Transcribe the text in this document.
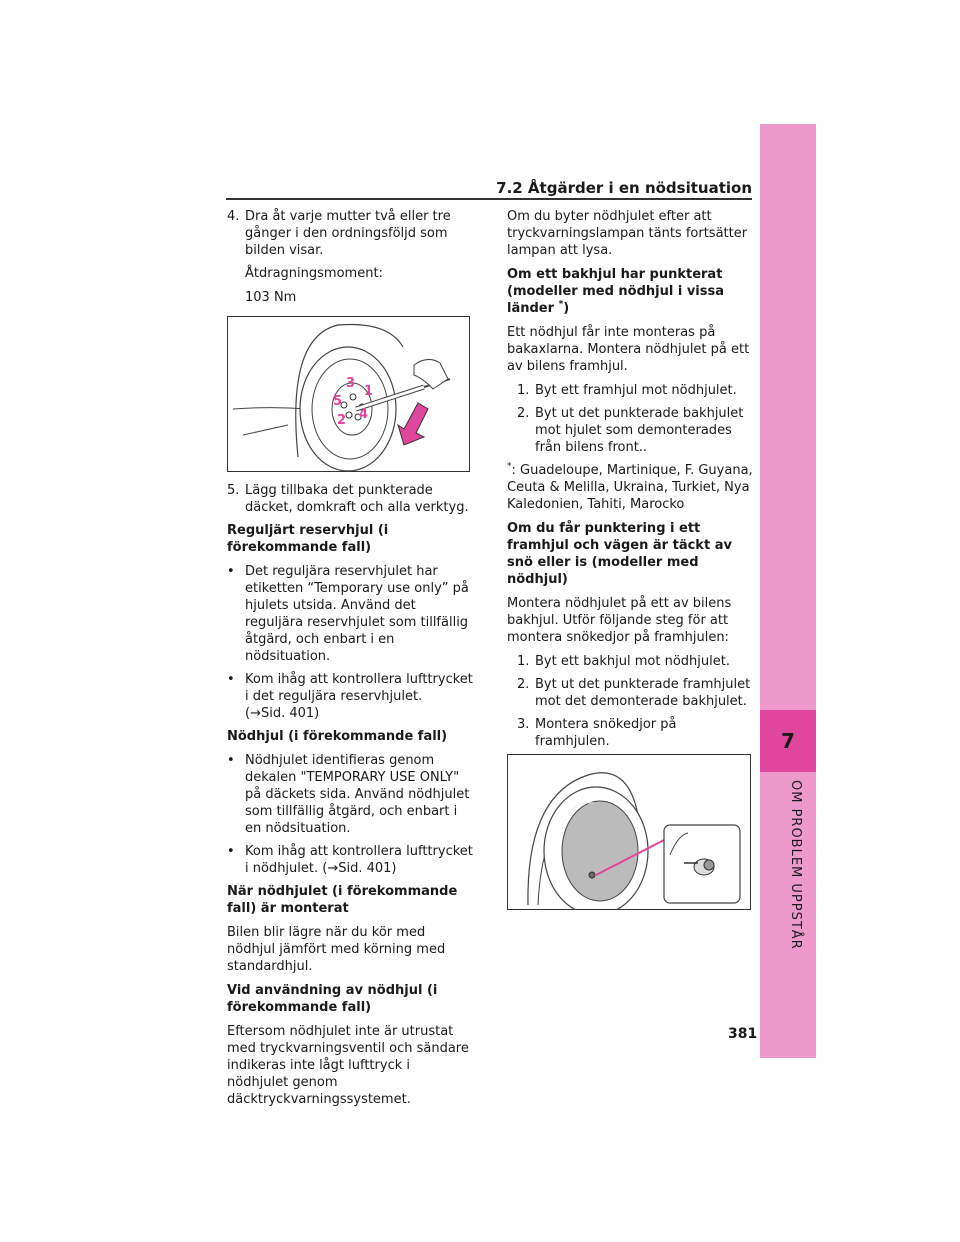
7.2 Åtgärder i en nödsituation
7
OM PROBLEM UPPSTÅR
4. Dra åt varje mutter två eller tre gånger i den ordningsföljd som bilden visar.

Åtdragningsmoment:

103 Nm

3
1
5
4
2
5. Lägg tillbaka det punkterade däcket, domkraft och alla verktyg.

Reguljärt reservhjul (i förekommande fall)

• Det reguljära reservhjulet har etiketten “Temporary use only” på hjulets utsida. Använd det reguljära reservhjulet som tillfällig åtgärd, och enbart i en nödsituation.
• Kom ihåg att kontrollera lufttrycket i det reguljära reservhjulet.
(→Sid. 401)

Nödhjul (i förekommande fall)

• Nödhjulet identifieras genom dekalen "TEMPORARY USE ONLY" på däckets sida. Använd nödhjulet som tillfällig åtgärd, och enbart i en nödsituation.
• Kom ihåg att kontrollera lufttrycket i nödhjulet. (→Sid. 401)

När nödhjulet (i förekommande fall) är monterat

Bilen blir lägre när du kör med nödhjul jämfört med körning med standardhjul.

Vid användning av nödhjul (i förekommande fall)

Eftersom nödhjulet inte är utrustat med tryckvarningsventil och sändare indikeras inte lågt lufttryck i nödhjulet genom däcktryckvarningssystemet.

Om du byter nödhjulet efter att tryckvarningslampan tänts fortsätter lampan att lysa.

Om ett bakhjul har punkterat (modeller med nödhjul i vissa länder *)

Ett nödhjul får inte monteras på bakaxlarna. Montera nödhjulet på ett av bilens framhjul.

1. Byt ett framhjul mot nödhjulet.
2. Byt ut det punkterade bakhjulet mot hjulet som demonterades från bilens front..

*: Guadeloupe, Martinique, F. Guyana, Ceuta & Melilla, Ukraina, Turkiet, Nya Kaledonien, Tahiti, Marocko

Om du får punktering i ett framhjul och vägen är täckt av snö eller is (modeller med nödhjul)

Montera nödhjulet på ett av bilens bakhjul. Utför följande steg för att montera snökedjor på framhjulen:

1. Byt ett bakhjul mot nödhjulet.
2. Byt ut det punkterade framhjulet mot det demonterade bakhjulet.
3. Montera snökedjor på framhjulen.

381
